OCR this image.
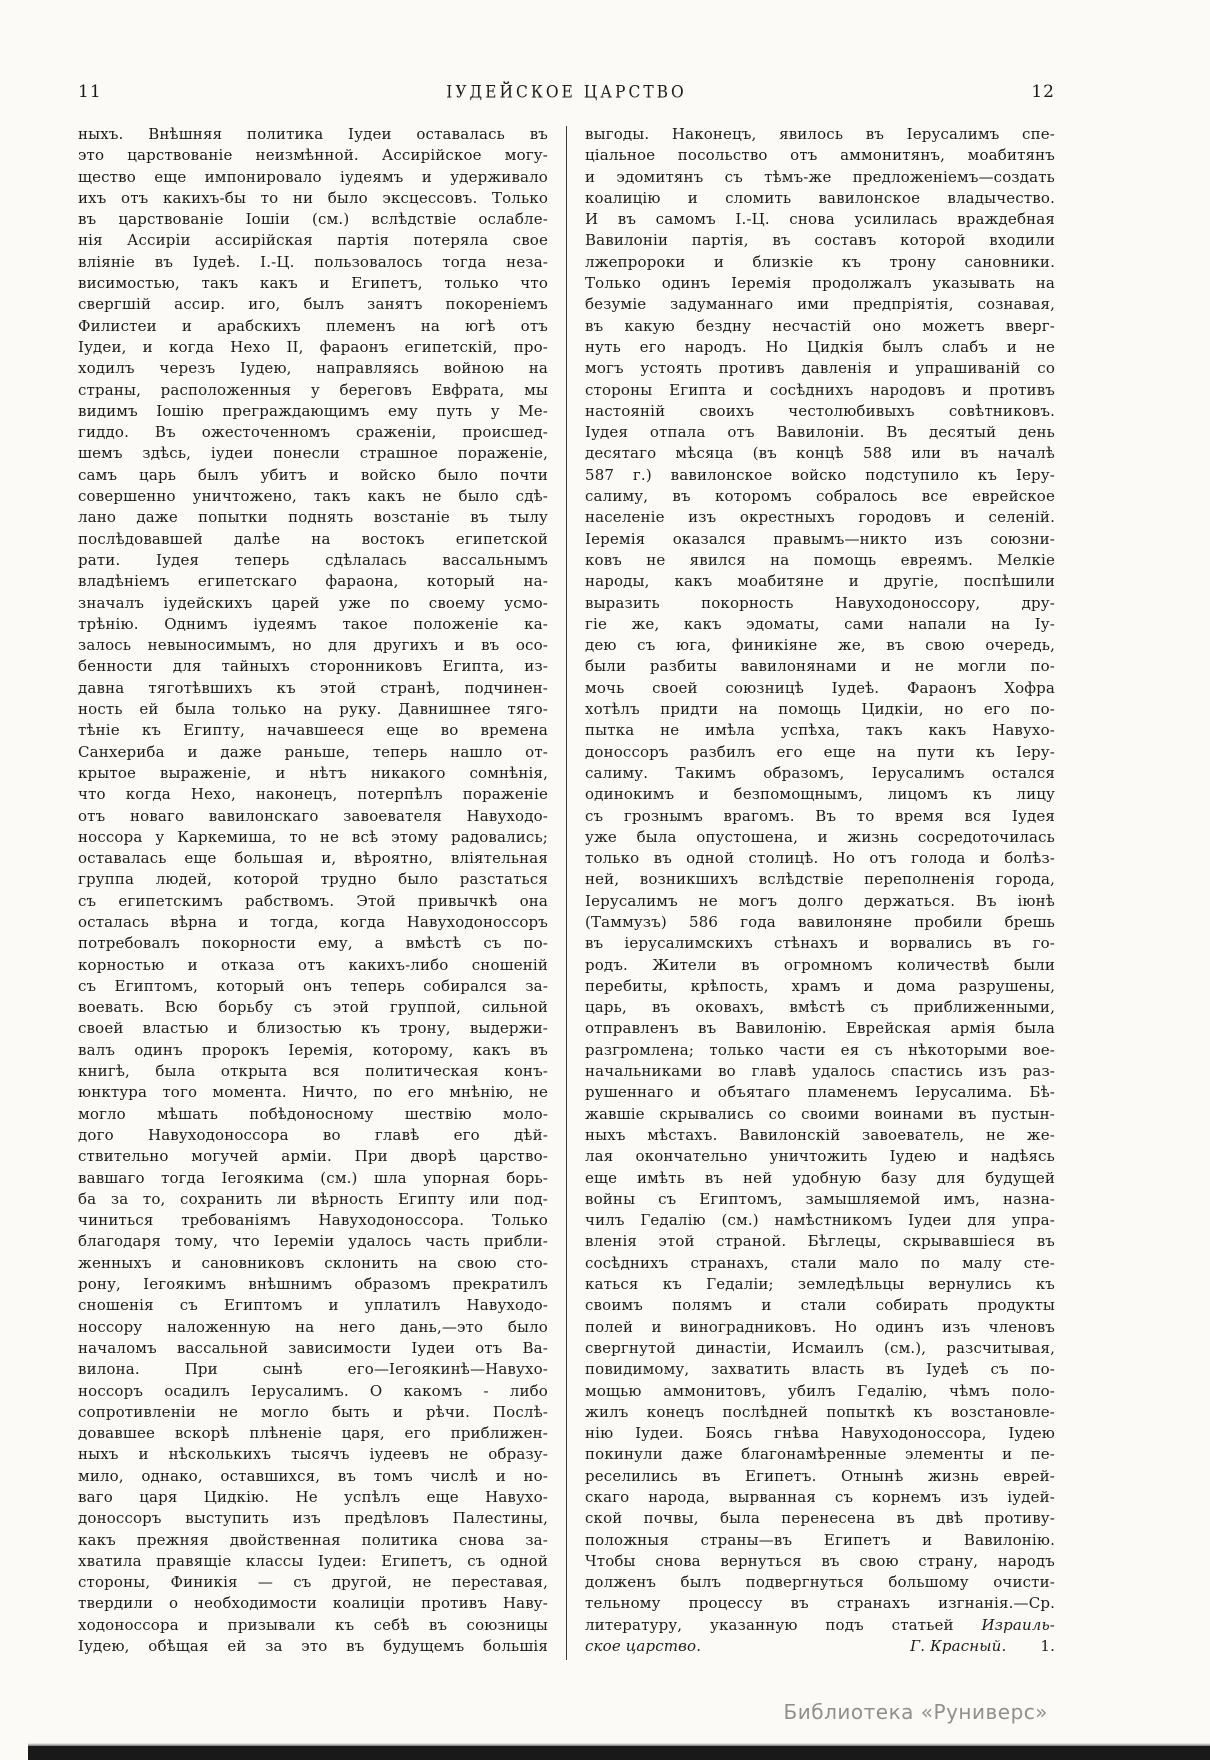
11	ІУДЕЙСКОЕ ЦАРСТВО	12
ныхъ. Внѣшняя политика Іудеи оставалась въ
это царствованіе неизмѣнной. Ассирійское могу-
щество еще импонировало іудеямъ и удерживало
ихъ отъ какихъ-бы то ни было эксцессовъ. Только
въ царствованіе Іошіи (см.) вслѣдствіе ослабле-
нія Ассиріи ассирійская партія потеряла свое
вліяніе въ Іудеѣ. І.-Ц. пользовалось тогда неза-
висимостью, такъ какъ и Египетъ, только что
свергшій ассир. иго, былъ занятъ покореніемъ
Филистеи и арабскихъ племенъ на югѣ отъ
Іудеи, и когда Нехо II, фараонъ египетскій, про-
ходилъ черезъ Іудею, направляясь войною на
страны, расположенныя у береговъ Евфрата, мы
видимъ Іошію преграждающимъ ему путь у Ме-
гиддо. Въ ожесточенномъ сраженіи, происшед-
шемъ здѣсь, іудеи понесли страшное пораженіе,
самъ царь былъ убитъ и войско было почти
совершенно уничтожено, такъ какъ не было сдѣ-
лано даже попытки поднять возстаніе въ тылу
послѣдовавшей далѣе на востокъ египетской
рати. Іудея теперь сдѣлалась вассальнымъ
владѣніемъ египетскаго фараона, который на-
значалъ іудейскихъ царей уже по своему усмо-
трѣнію. Однимъ іудеямъ такое положеніе ка-
залось невыносимымъ, но для другихъ и въ осо-
бенности для тайныхъ сторонниковъ Египта, из-
давна тяготѣвшихъ къ этой странѣ, подчинен-
ность ей была только на руку. Давнишнее тяго-
тѣніе къ Египту, начавшееся еще во времена
Санхериба и даже раньше, теперь нашло от-
крытое выраженіе, и нѣтъ никакого сомнѣнія,
что когда Нехо, наконецъ, потерпѣлъ пораженіе
отъ новаго вавилонскаго завоевателя Навуходо-
носсора у Каркемиша, то не всѣ этому радовались;
оставалась еще большая и, вѣроятно, вліятельная
группа людей, которой трудно было разстаться
съ египетскимъ рабствомъ. Этой привычкѣ она
осталась вѣрна и тогда, когда Навуходоноссоръ
потребовалъ покорности ему, а вмѣстѣ съ по-
корностью и отказа отъ какихъ-либо сношеній
съ Египтомъ, который онъ теперь собирался за-
воевать. Всю борьбу съ этой группой, сильной
своей властью и близостью къ трону, выдержи-
валъ одинъ пророкъ Іеремія, которому, какъ въ
книгѣ, была открыта вся политическая конъ-
юнктура того момента. Ничто, по его мнѣнію, не
могло мѣшать побѣдоносному шествію моло-
дого Навуходоноссора во главѣ его дѣй-
ствительно могучей арміи. При дворѣ царство-
вавшаго тогда Іегоякима (см.) шла упорная борь-
ба за то, сохранить ли вѣрность Египту или под-
чиниться требованіямъ Навуходоноссора. Только
благодаря тому, что Іереміи удалось часть прибли-
женныхъ и сановниковъ склонить на свою сто-
рону, Іегоякимъ внѣшнимъ образомъ прекратилъ
сношенія съ Египтомъ и уплатилъ Навуходо-
носсору наложенную на него дань,—это было
началомъ вассальной зависимости Іудеи отъ Ва-
вилона. При сынѣ его—Іегоякинѣ—Навухо-
носсоръ осадилъ Іерусалимъ. О какомъ - либо
сопротивленіи не могло быть и рѣчи. Послѣ-
довавшее вскорѣ плѣненіе царя, его приближен-
ныхъ и нѣсколькихъ тысячъ іудеевъ не образу-
мило, однако, оставшихся, въ томъ числѣ и но-
ваго царя Цидкію. Не успѣлъ еще Навухо-
доноссоръ выступить изъ предѣловъ Палестины,
какъ прежняя двойственная политика снова за-
хватила правящіе классы Іудеи: Египетъ, съ одной
стороны, Финикія — съ другой, не переставая,
твердили о необходимости коалиціи противъ Наву-
ходоноссора и призывали къ себѣ въ союзницы
Іудею, обѣщая ей за это въ будущемъ большія
выгоды. Наконецъ, явилось въ Іерусалимъ спе-
ціальное посольство отъ аммонитянъ, моабитянъ
и эдомитянъ съ тѣмъ-же предложеніемъ—создать
коалицію и сломить вавилонское владычество.
И въ самомъ І.-Ц. снова усилилась враждебная
Вавилоніи партія, въ составъ которой входили
лжепророки и близкіе къ трону сановники.
Только одинъ Іеремія продолжалъ указывать на
безуміе задуманнаго ими предпріятія, сознавая,
въ какую бездну несчастій оно можетъ вверг-
нуть его народъ. Но Цидкія былъ слабъ и не
могъ устоять противъ давленія и упрашиваній со
стороны Египта и сосѣднихъ народовъ и противъ
настояній своихъ честолюбивыхъ совѣтниковъ.
Іудея отпала отъ Вавилоніи. Въ десятый день
десятаго мѣсяца (въ концѣ 588 или въ началѣ
587 г.) вавилонское войско подступило къ Іеру-
салиму, въ которомъ собралось все еврейское
населеніе изъ окрестныхъ городовъ и селеній.
Іеремія оказался правымъ—никто изъ союзни-
ковъ не явился на помощь евреямъ. Мелкіе
народы, какъ моабитяне и другіе, поспѣшили
выразить покорность Навуходоноссору, дру-
гіе же, какъ эдоматы, сами напали на Іу-
дею съ юга, финикіяне же, въ свою очередь,
были разбиты вавилонянами и не могли по-
мочь своей союзницѣ Іудеѣ. Фараонъ Хофра
хотѣлъ придти на помощь Цидкіи, но его по-
пытка не имѣла успѣха, такъ какъ Навухо-
доноссоръ разбилъ его еще на пути къ Іеру-
салиму. Такимъ образомъ, Іерусалимъ остался
одинокимъ и безпомощнымъ, лицомъ къ лицу
съ грознымъ врагомъ. Въ то время вся Іудея
уже была опустошена, и жизнь сосредоточилась
только въ одной столицѣ. Но отъ голода и болѣз-
ней, возникшихъ вслѣдствіе переполненія города,
Іерусалимъ не могъ долго держаться. Въ іюнѣ
(Таммузъ) 586 года вавилоняне пробили брешь
въ іерусалимскихъ стѣнахъ и ворвались въ го-
родъ. Жители въ огромномъ количествѣ были
перебиты, крѣпость, храмъ и дома разрушены,
царь, въ оковахъ, вмѣстѣ съ приближенными,
отправленъ въ Вавилонію. Еврейская армія была
разгромлена; только части ея съ нѣкоторыми вое-
начальниками во главѣ удалось спастись изъ раз-
рушеннаго и объятаго пламенемъ Іерусалима. Бѣ-
жавшіе скрывались со своими воинами въ пустын-
ныхъ мѣстахъ. Вавилонскій завоеватель, не же-
лая окончательно уничтожить Іудею и надѣясь
еще имѣть въ ней удобную базу для будущей
войны съ Египтомъ, замышляемой имъ, назна-
чилъ Гедалію (см.) намѣстникомъ Іудеи для упра-
вленія этой страной. Бѣглецы, скрывавшіеся въ
сосѣднихъ странахъ, стали мало по малу сте-
каться къ Гедаліи; земледѣльцы вернулись къ
своимъ полямъ и стали собирать продукты
полей и виноградниковъ. Но одинъ изъ членовъ
свергнутой династіи, Исмаилъ (см.), разсчитывая,
повидимому, захватить власть въ Іудеѣ съ по-
мощью аммонитовъ, убилъ Гедалію, чѣмъ поло-
жилъ конецъ послѣдней попыткѣ къ возстановле-
нію Іудеи. Боясь гнѣва Навуходоноссора, Іудею
покинули даже благонамѣренные элементы и пе-
реселились въ Египетъ. Отнынѣ жизнь еврей-
скаго народа, вырванная съ корнемъ изъ іудей-
ской почвы, была перенесена въ двѣ противу-
положныя страны—въ Египетъ и Вавилонію.
Чтобы снова вернуться въ свою страну, народъ
долженъ былъ подвергнуться большому очисти-
тельному процессу въ странахъ изгнанія.—Ср.
литературу, указанную подъ статьей Израиль-
ское царство.	Г. Красный. 1.
Библиотека «Руниверс»
